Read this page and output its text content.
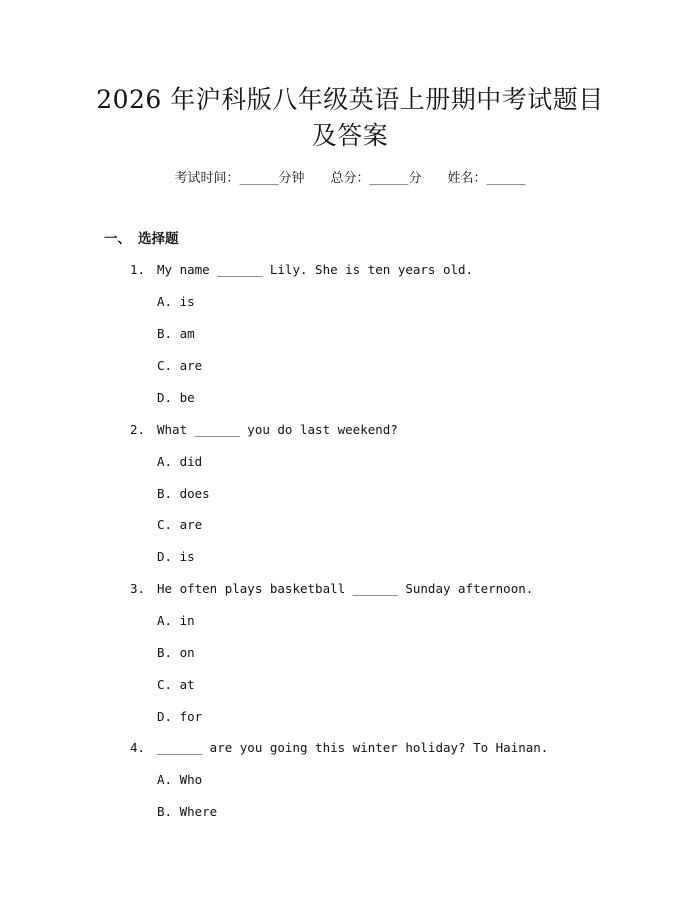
2026 年沪科版八年级英语上册期中考试题目
及答案
考试时间：______分钟 总分：______分 姓名：______
一、 选择题
1. My name ______ Lily. She is ten years old.
A. is
B. am
C. are
D. be
2. What ______ you do last weekend?
A. did
B. does
C. are
D. is
3. He often plays basketball ______ Sunday afternoon.
A. in
B. on
C. at
D. for
4. ______ are you going this winter holiday? To Hainan.
A. Who
B. Where
